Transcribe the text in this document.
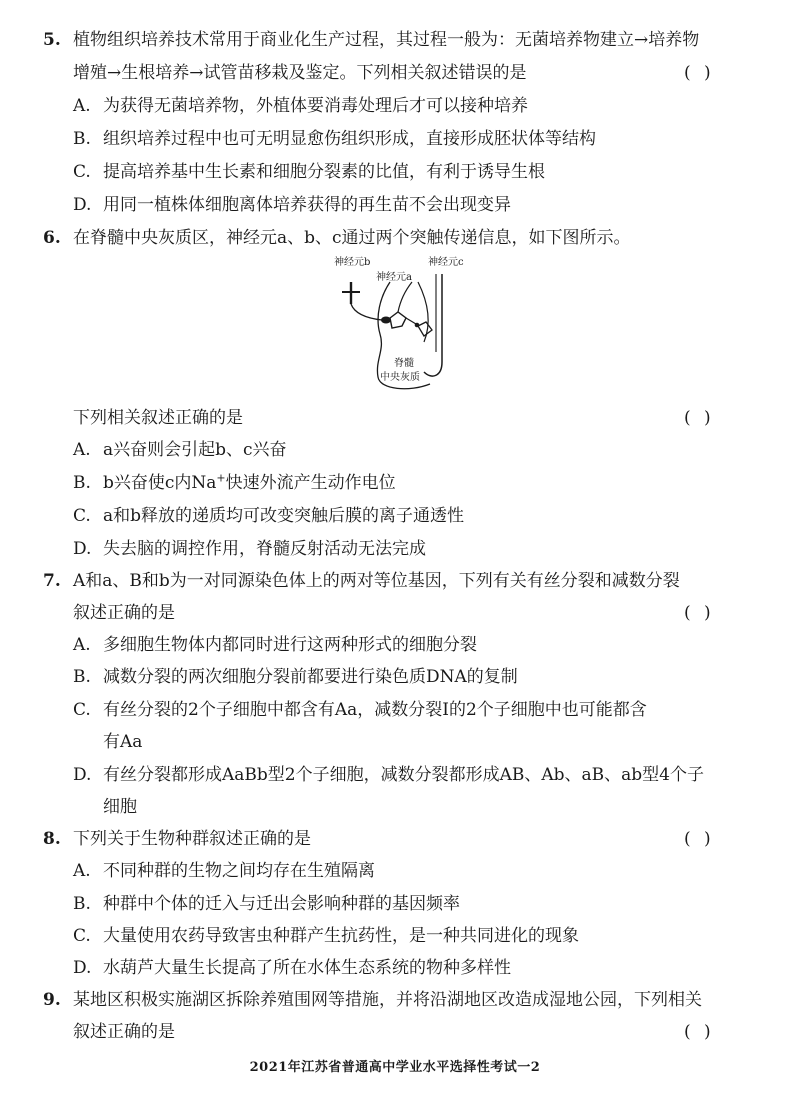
5. 植物组织培养技术常用于商业化生产过程，其过程一般为：无菌培养物建立→培养物
增殖→生根培养→试管苗移栽及鉴定。下列相关叙述错误的是	( )
A. 为获得无菌培养物，外植体要消毒处理后才可以接种培养
B. 组织培养过程中也可无明显愈伤组织形成，直接形成胚状体等结构
C. 提高培养基中生长素和细胞分裂素的比值，有利于诱导生根
D. 用同一植株体细胞离体培养获得的再生苗不会出现变异
6. 在脊髓中央灰质区，神经元a、b、c通过两个突触传递信息，如下图所示。
神经元b
神经元a
神经元c
脊髓
中央灰质
下列相关叙述正确的是	( )
A. a兴奋则会引起b、c兴奋
B. b兴奋使c内Na+快速外流产生动作电位
C. a和b释放的递质均可改变突触后膜的离子通透性
D. 失去脑的调控作用，脊髓反射活动无法完成
7. A和a、B和b为一对同源染色体上的两对等位基因，下列有关有丝分裂和减数分裂
叙述正确的是	( )
A. 多细胞生物体内都同时进行这两种形式的细胞分裂
B. 减数分裂的两次细胞分裂前都要进行染色质DNA的复制
C. 有丝分裂的2个子细胞中都含有Aa，减数分裂Ⅰ的2个子细胞中也可能都含
有Aa
D. 有丝分裂都形成AaBb型2个子细胞，减数分裂都形成AB、Ab、aB、ab型4个子
细胞
8. 下列关于生物种群叙述正确的是	( )
A. 不同种群的生物之间均存在生殖隔离
B. 种群中个体的迁入与迁出会影响种群的基因频率
C. 大量使用农药导致害虫种群产生抗药性，是一种共同进化的现象
D. 水葫芦大量生长提高了所在水体生态系统的物种多样性
9. 某地区积极实施湖区拆除养殖围网等措施，并将沿湖地区改造成湿地公园，下列相关
叙述正确的是	( )
2021年江苏省普通高中学业水平选择性考试一2
